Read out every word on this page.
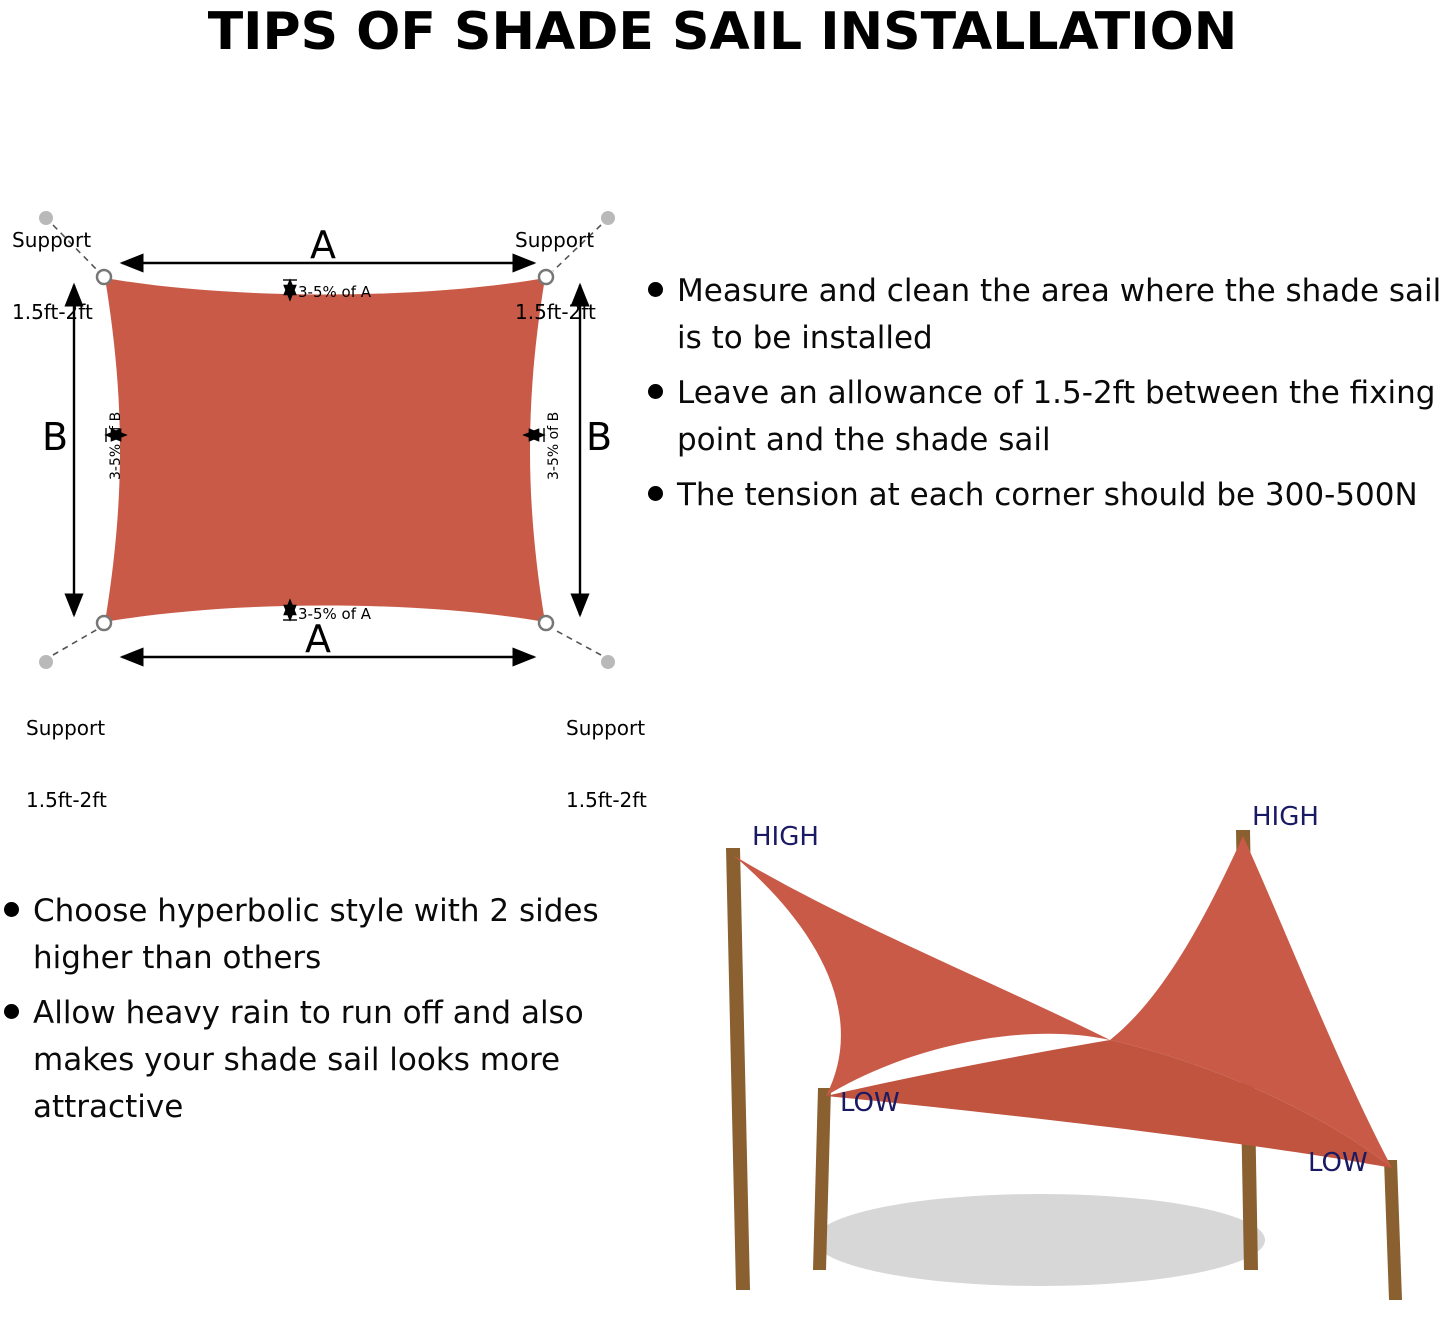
TIPS OF SHADE SAIL INSTALLATION

Support

1.5ft-2ft

Support

1.5ft-2ft

Support

1.5ft-2ft

Support

1.5ft-2ft

A
A
B	B
3-5% of A
3-5% of A
3-5% of B	3-5% of B
Measure and clean the area where the shade sail is to be installed
Leave an allowance of 1.5-2ft between the fixing point and the shade sail
The tension at each corner should be 300-500N
Choose hyperbolic style with 2 sides higher than others
Allow heavy rain to run off and also makes your shade sail looks more attractive
HIGH
HIGH
LOW
LOW
